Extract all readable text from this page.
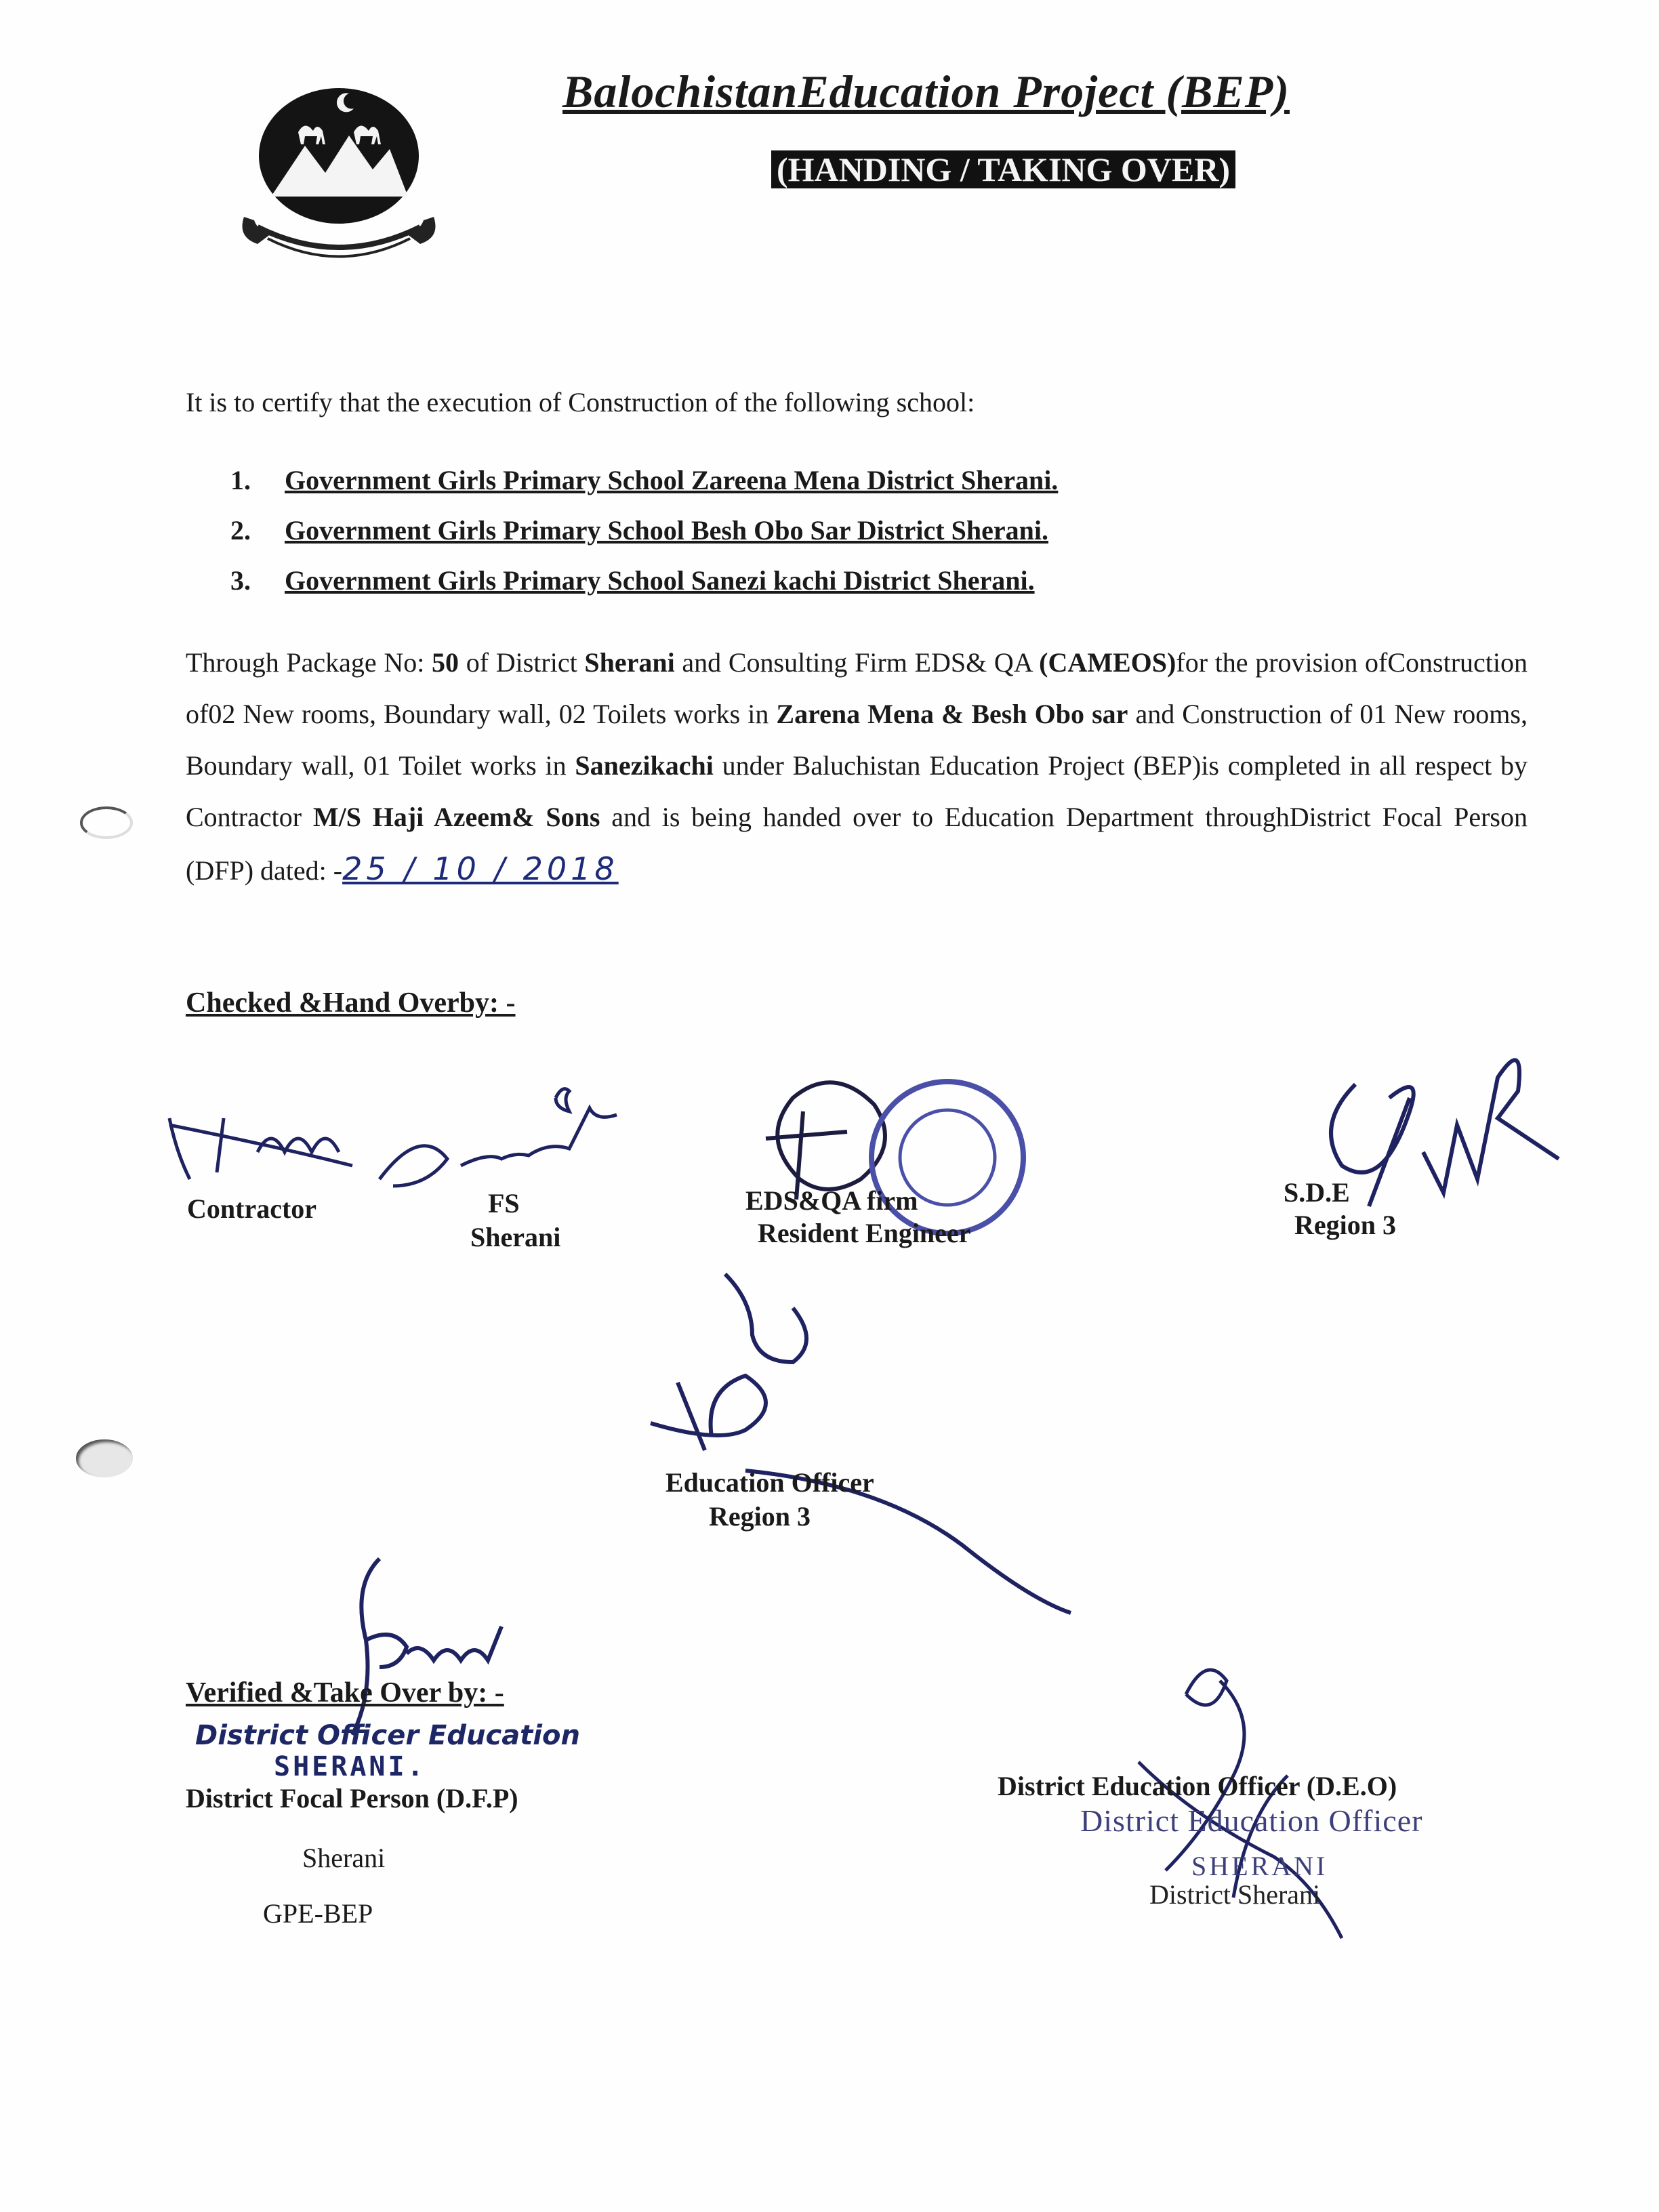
BalochistanEducation Project (BEP)
(HANDING / TAKING OVER)
It is to certify that the execution of Construction of the following school:
1. Government Girls Primary School Zareena Mena District Sherani.
2. Government Girls Primary School Besh Obo Sar District Sherani.
3. Government Girls Primary School Sanezi kachi District Sherani.
Through Package No: 50 of District Sherani and Consulting Firm EDS& QA (CAMEOS)for the provision ofConstruction of02 New rooms, Boundary wall, 02 Toilets works in Zarena Mena & Besh Obo sar and Construction of 01 New rooms, Boundary wall, 01 Toilet works in Sanezikachi under Baluchistan Education Project (BEP)is completed in all respect by Contractor M/S Haji Azeem& Sons and is being handed over to Education Department throughDistrict Focal Person (DFP) dated: -25 / 10 / 2018
Checked &Hand Overby: -
Contractor	FS
Sherani
EDS&QA firm
Resident Engineer
S.D.E
Region 3
Education Officer
Region 3
Verified &Take Over by: -
District Officer Education
SHERANI.
District Focal Person (D.F.P)
Sherani
GPE-BEP
District Education Officer (D.E.O)
District Education Officer
SHERANI
District Sherani
